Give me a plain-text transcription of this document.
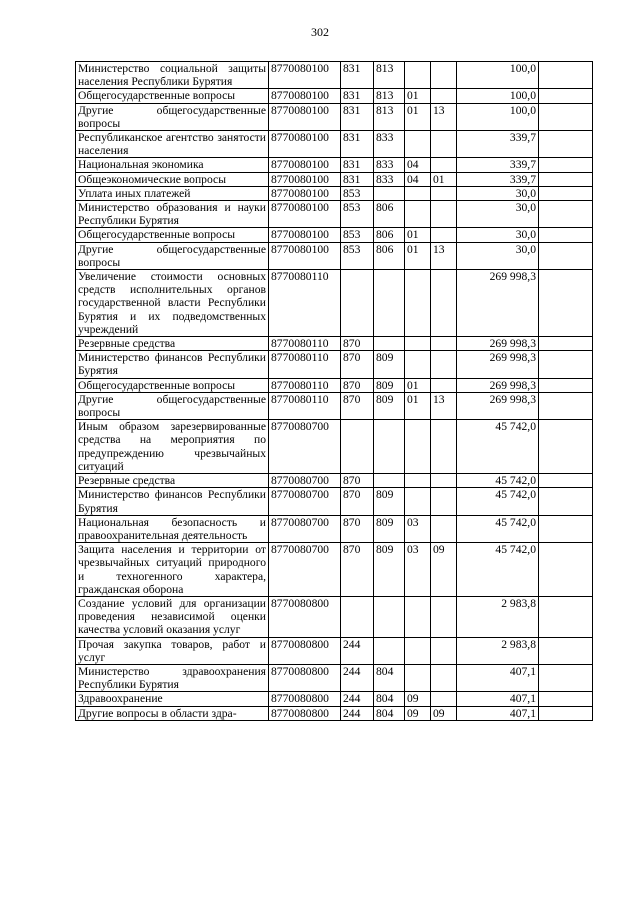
302
Министерство социальной защиты населения Республики Бурятия	8770080100	831	813			100,0	
Общегосударственные вопросы	8770080100	831	813	01		100,0	
Другие общегосударственные вопросы	8770080100	831	813	01	13	100,0	
Республиканское агентство занятости населения	8770080100	831	833			339,7	
Национальная экономика	8770080100	831	833	04		339,7	
Общеэкономические вопросы	8770080100	831	833	04	01	339,7	
Уплата иных платежей	8770080100	853				30,0	
Министерство образования и науки Республики Бурятия	8770080100	853	806			30,0	
Общегосударственные вопросы	8770080100	853	806	01		30,0	
Другие общегосударственные вопросы	8770080100	853	806	01	13	30,0	
Увеличение стоимости основных средств исполнительных органов государственной власти Республики Бурятия и их подведомственных учреждений	8770080110					269 998,3	
Резервные средства	8770080110	870				269 998,3	
Министерство финансов Республики Бурятия	8770080110	870	809			269 998,3	
Общегосударственные вопросы	8770080110	870	809	01		269 998,3	
Другие общегосударственные вопросы	8770080110	870	809	01	13	269 998,3	
Иным образом зарезервированные средства на мероприятия по предупреждению чрезвычайных ситуаций	8770080700					45 742,0	
Резервные средства	8770080700	870				45 742,0	
Министерство финансов Республики Бурятия	8770080700	870	809			45 742,0	
Национальная безопасность и правоохранительная деятельность	8770080700	870	809	03		45 742,0	
Защита населения и территории от чрезвычайных ситуаций природного и техногенного характера, гражданская оборона	8770080700	870	809	03	09	45 742,0	
Создание условий для организации проведения независимой оценки качества условий оказания услуг	8770080800					2 983,8	
Прочая закупка товаров, работ и услуг	8770080800	244				2 983,8	
Министерство здравоохранения Республики Бурятия	8770080800	244	804			407,1	
Здравоохранение	8770080800	244	804	09		407,1	
Другие вопросы в области здра-	8770080800	244	804	09	09	407,1	
